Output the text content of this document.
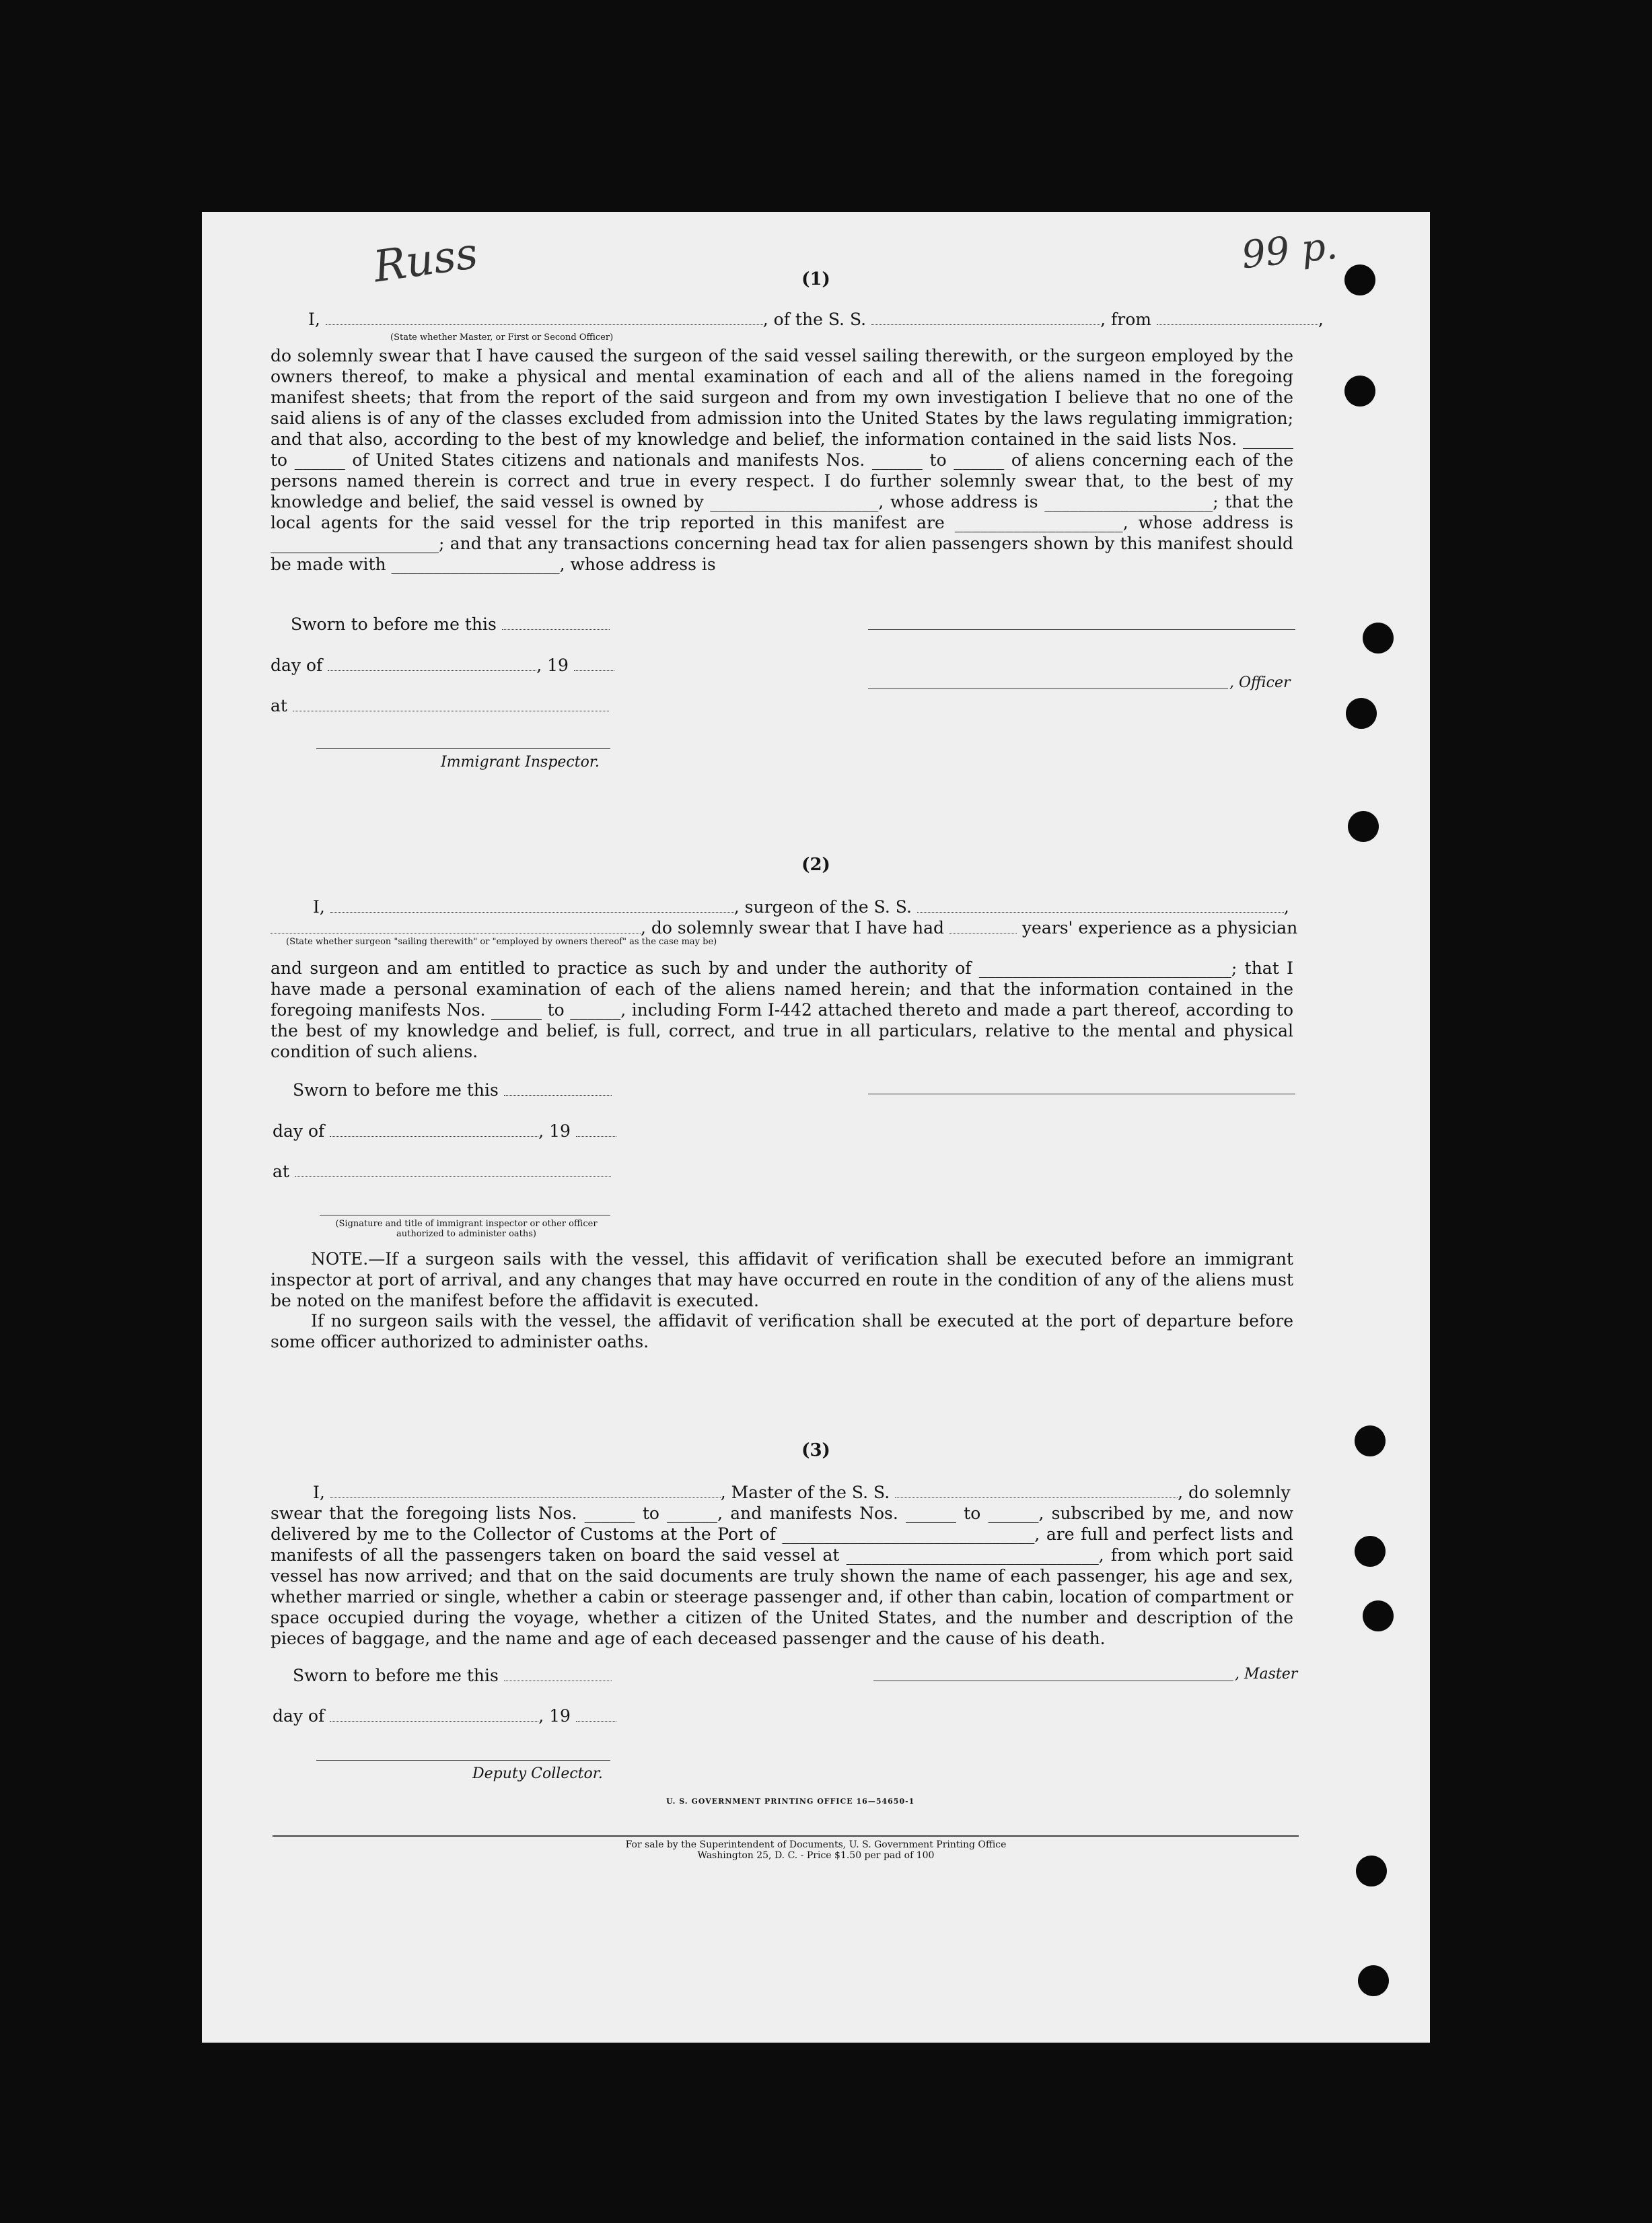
Russ	99 p.
(1)
I,	, of the S. S.	, from	,
(State whether Master, or First or Second Officer)
do solemnly swear that I have caused the surgeon of the said vessel sailing therewith, or the surgeon employed by the owners thereof, to make a physical and mental examination of each and all of the aliens named in the foregoing manifest sheets; that from the report of the said surgeon and from my own investigation I believe that no one of the said aliens is of any of the classes excluded from admission into the United States by the laws regulating immigration; and that also, according to the best of my knowledge and belief, the information contained in the said lists Nos. ______ to ______ of United States citizens and nationals and manifests Nos. ______ to ______ of aliens concerning each of the persons named therein is correct and true in every respect. I do further solemnly swear that, to the best of my knowledge and belief, the said vessel is owned by ____________________, whose address is ____________________; that the local agents for the said vessel for the trip reported in this manifest are ____________________, whose address is ____________________; and that any transactions concerning head tax for alien passengers shown by this manifest should be made with ____________________, whose address is
Sworn to before me this
day of	, 19
at
Immigrant Inspector.
, Officer
(2)
I,	, surgeon of the S. S.	,
, do solemnly swear that I have had	years' experience as a physician
(State whether surgeon "sailing therewith" or "employed by owners thereof" as the case may be)
and surgeon and am entitled to practice as such by and under the authority of ______________________________; that I have made a personal examination of each of the aliens named herein; and that the information contained in the foregoing manifests Nos. ______ to ______, including Form I-442 attached thereto and made a part thereof, according to the best of my knowledge and belief, is full, correct, and true in all particulars, relative to the mental and physical condition of such aliens.
Sworn to before me this
day of	, 19
at
(Signature and title of immigrant inspector or other officer authorized to administer oaths)
NOTE.—If a surgeon sails with the vessel, this affidavit of verification shall be executed before an immigrant inspector at port of arrival, and any changes that may have occurred en route in the condition of any of the aliens must be noted on the manifest before the affidavit is executed.
If no surgeon sails with the vessel, the affidavit of verification shall be executed at the port of departure before some officer authorized to administer oaths.
(3)
I,	, Master of the S. S.	, do solemnly
swear that the foregoing lists Nos. ______ to ______, and manifests Nos. ______ to ______, subscribed by me, and now delivered by me to the Collector of Customs at the Port of ______________________________, are full and perfect lists and manifests of all the passengers taken on board the said vessel at ______________________________, from which port said vessel has now arrived; and that on the said documents are truly shown the name of each passenger, his age and sex, whether married or single, whether a cabin or steerage passenger and, if other than cabin, location of compartment or space occupied during the voyage, whether a citizen of the United States, and the number and description of the pieces of baggage, and the name and age of each deceased passenger and the cause of his death.
Sworn to before me this
day of	, 19
Deputy Collector.
, Master
U. S. GOVERNMENT PRINTING OFFICE 16—54650-1
For sale by the Superintendent of Documents, U. S. Government Printing Office
Washington 25, D. C. - Price $1.50 per pad of 100
